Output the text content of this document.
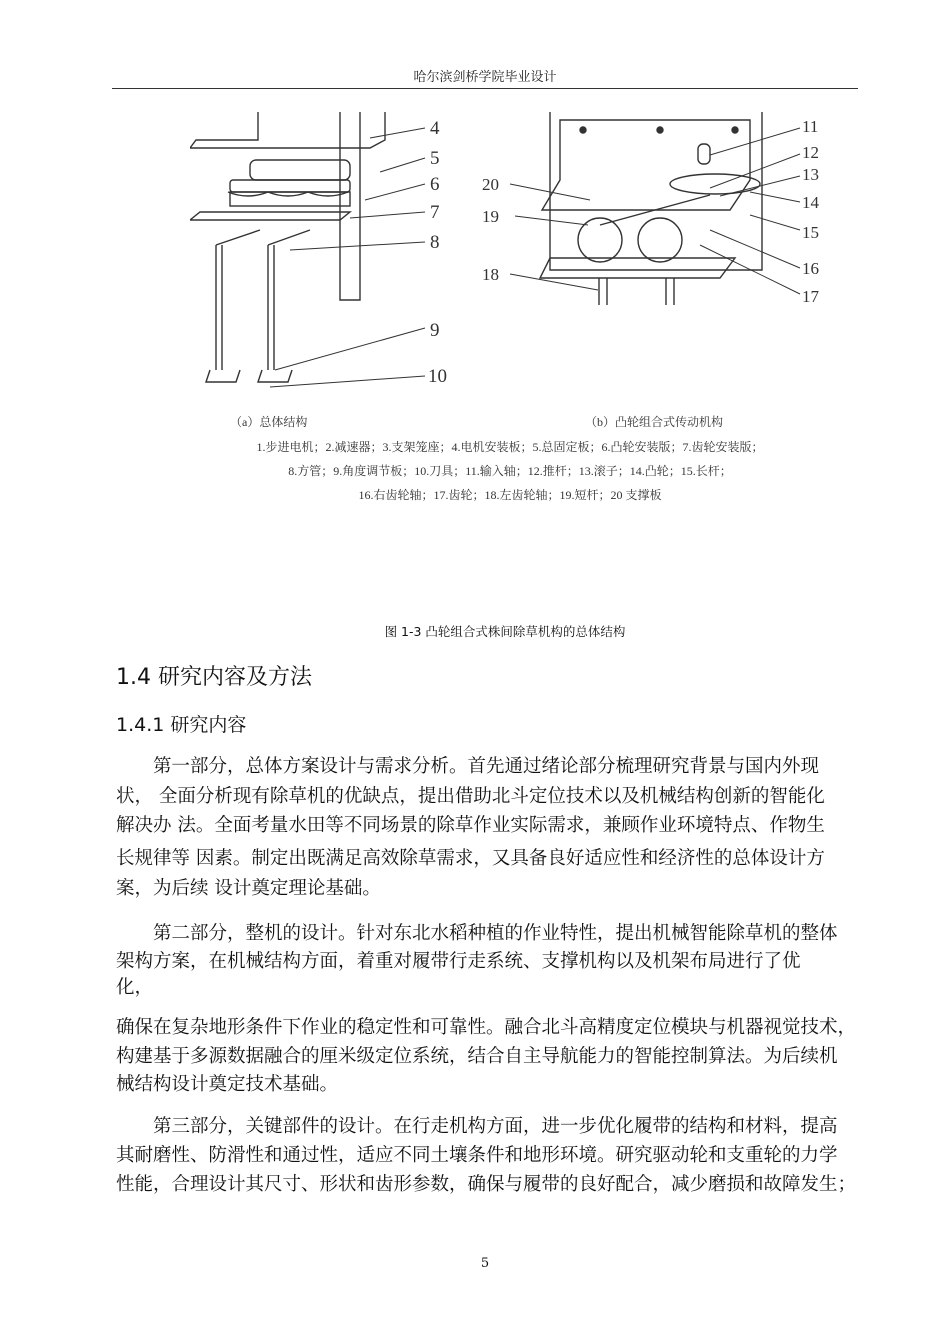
哈尔滨剑桥学院毕业设计
4
5
6
7
8
9
10
11
12
13
14
15
16
17
18
19
20
（a）总体结构	（b）凸轮组合式传动机构
1.步进电机；2.减速器；3.支架笼座；4.电机安装板；5.总固定板；6.凸轮安装版；7.齿轮安装版；
8.方管；9.角度调节板；10.刀具；11.输入轴；12.推杆；13.滚子；14.凸轮；15.长杆；
16.右齿轮轴；17.齿轮；18.左齿轮轴；19.短杆；20 支撑板
图 1-3 凸轮组合式株间除草机构的总体结构
1.4 研究内容及方法
1.4.1 研究内容
　　第一部分，总体方案设计与需求分析。首先通过绪论部分梳理研究背景与国内外现
状， 全面分析现有除草机的优缺点，提出借助北斗定位技术以及机械结构创新的智能化
解决办 法。全面考量水田等不同场景的除草作业实际需求，兼顾作业环境特点、作物生
长规律等 因素。制定出既满足高效除草需求，又具备良好适应性和经济性的总体设计方
案，为后续 设计奠定理论基础。
　　第二部分，整机的设计。针对东北水稻种植的作业特性，提出机械智能除草机的整体
架构方案，在机械结构方面，着重对履带行走系统、支撑机构以及机架布局进行了优
化，
确保在复杂地形条件下作业的稳定性和可靠性。融合北斗高精度定位模块与机器视觉技术，
构建基于多源数据融合的厘米级定位系统，结合自主导航能力的智能控制算法。为后续机
械结构设计奠定技术基础。
　　第三部分，关键部件的设计。在行走机构方面，进一步优化履带的结构和材料，提高
其耐磨性、防滑性和通过性，适应不同土壤条件和地形环境。研究驱动轮和支重轮的力学
性能，合理设计其尺寸、形状和齿形参数，确保与履带的良好配合，减少磨损和故障发生；
5
